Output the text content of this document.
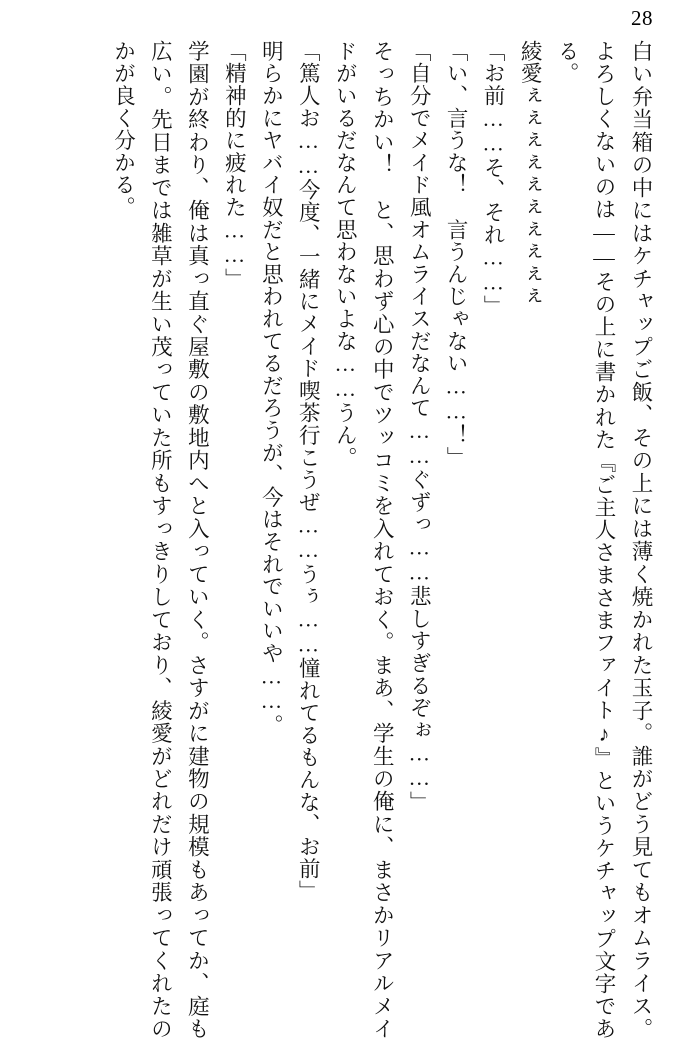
28

白い弁当箱の中にはケチャップご飯、その上には薄く焼かれた玉子。誰がどう見てもオムライス。よろしくないのは——その上に書かれた『ご主人さまさまファイト♪』というケチャップ文字である。

綾愛ぇぇぇぇぇぇぇぇぇぇ

「お前……そ、それ……」

「い、言うな！　言うんじゃない……！」

「自分でメイド風オムライスだなんて……ぐずっ……悲しすぎるぞぉ……」

そっちかい！　と、思わず心の中でツッコミを入れておく。まあ、学生の俺に、まさかリアルメイドがいるだなんて思わないよな……うん。

「篤人お……今度、一緒にメイド喫茶行こうぜ……うぅ……憧れてるもんな、お前」

明らかにヤバイ奴だと思われてるだろうが、今はそれでいいや……。

「精神的に疲れた……」

学園が終わり、俺は真っ直ぐ屋敷の敷地内へと入っていく。さすがに建物の規模もあってか、庭も広い。先日までは雑草が生い茂っていた所もすっきりしており、綾愛がどれだけ頑張ってくれたのかが良く分かる。
